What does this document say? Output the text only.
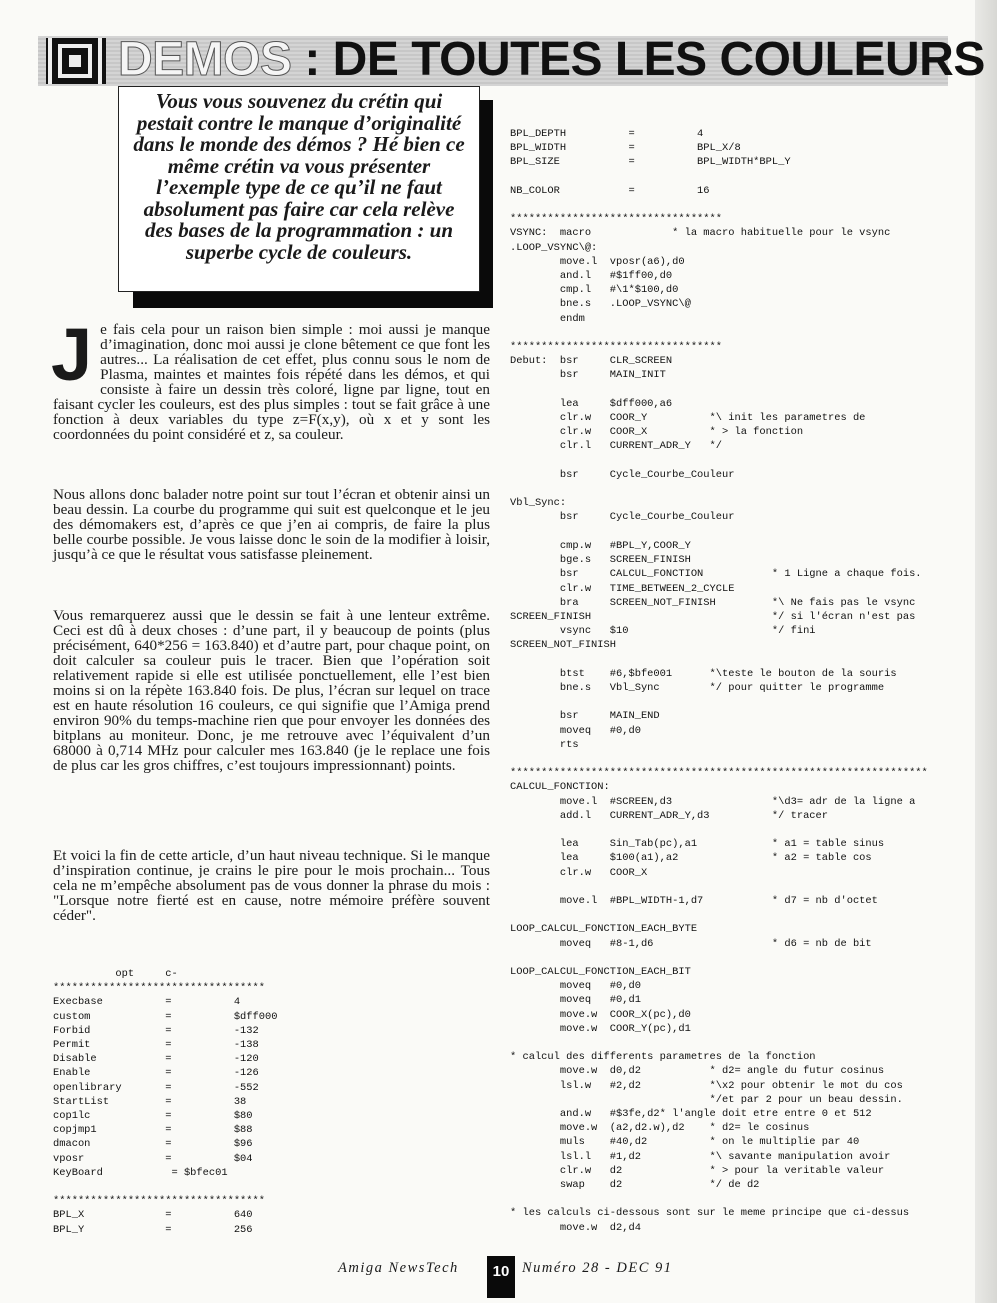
DEMOS : DE TOUTES LES COULEURS
Vous vous souvenez du crétin qui pestait contre le manque d’originalité dans le monde des démos ? Hé bien ce même crétin va vous présenter l’exemple type de ce qu’il ne faut absolument pas faire car cela relève des bases de la programmation : un superbe cycle de couleurs.
Je fais cela pour un raison bien simple : moi aussi je manque d’imagination, donc moi aussi je clone bêtement ce que font les autres... La réalisation de cet effet, plus connu sous le nom de Plasma, maintes et maintes fois répété dans les démos, et qui consiste à faire un dessin très coloré, ligne par ligne, tout en faisant cycler les couleurs, est des plus simples : tout se fait grâce à une fonction à deux variables du type z=F(x,y), où x et y sont les coordonnées du point considéré et z, sa couleur.

Nous allons donc balader notre point sur tout l’écran et obtenir ainsi un beau dessin. La courbe du programme qui suit est quelconque et le jeu des démomakers est, d’après ce que j’en ai compris, de faire la plus belle courbe possible. Je vous laisse donc le soin de la modifier à loisir, jusqu’à ce que le résultat vous satisfasse pleinement.

Vous remarquerez aussi que le dessin se fait à une lenteur extrême. Ceci est dû à deux choses : d’une part, il y beaucoup de points (plus précisément, 640*256 = 163.840) et d’autre part, pour chaque point, on doit calculer sa couleur puis le tracer. Bien que l’opération soit relativement rapide si elle est utilisée ponctuellement, elle l’est bien moins si on la répète 163.840 fois. De plus, l’écran sur lequel on trace est en haute résolution 16 couleurs, ce qui signifie que l’Amiga prend environ 90% du temps-machine rien que pour envoyer les données des bitplans au moniteur. Donc, je me retrouve avec l’équivalent d’un 68000 à 0,714 MHz pour calculer mes 163.840 (je le replace une fois de plus car les gros chiffres, c’est toujours impressionnant) points.

Et voici la fin de cette article, d’un haut niveau technique. Si le manque d’inspiration continue, je crains le pire pour le mois prochain... Tous cela ne m’empêche absolument pas de vous donner la phrase du mois : "Lorsque notre fierté est en cause, notre mémoire préfère souvent céder".

opt     c-
**********************************
Execbase          =          4
custom            =          $dff000
Forbid            =          -132
Permit            =          -138
Disable           =          -120
Enable            =          -126
openlibrary       =          -552
StartList         =          38
cop1lc            =          $80
copjmp1           =          $88
dmacon            =          $96
vposr             =          $04
KeyBoard           = $bfec01

**********************************
BPL_X             =          640
BPL_Y             =          256
BPL_DEPTH          =          4
BPL_WIDTH          =          BPL_X/8
BPL_SIZE           =          BPL_WIDTH*BPL_Y

NB_COLOR           =          16

**********************************
VSYNC:  macro             * la macro habituelle pour le vsync
.LOOP_VSYNC\@:
move.l  vposr(a6),d0
and.l   #$1ff00,d0
cmp.l   #\1*$100,d0
bne.s   .LOOP_VSYNC\@
endm

**********************************
Debut:  bsr     CLR_SCREEN
bsr     MAIN_INIT

lea     $dff000,a6
clr.w   COOR_Y          *\ init les parametres de
clr.w   COOR_X          * > la fonction
clr.l   CURRENT_ADR_Y   */

bsr     Cycle_Courbe_Couleur

Vbl_Sync:
bsr     Cycle_Courbe_Couleur

cmp.w   #BPL_Y,COOR_Y
bge.s   SCREEN_FINISH
bsr     CALCUL_FONCTION           * 1 Ligne a chaque fois.
clr.w   TIME_BETWEEN_2_CYCLE
bra     SCREEN_NOT_FINISH         *\ Ne fais pas le vsync
SCREEN_FINISH                             */ si l'écran n'est pas
vsync   $10                       */ fini
SCREEN_NOT_FINISH

btst    #6,$bfe001      *\teste le bouton de la souris
bne.s   Vbl_Sync        */ pour quitter le programme

bsr     MAIN_END
moveq   #0,d0
rts

*******************************************************************
CALCUL_FONCTION:
move.l  #SCREEN,d3                *\d3= adr de la ligne a
add.l   CURRENT_ADR_Y,d3          */ tracer

lea     Sin_Tab(pc),a1            * a1 = table sinus
lea     $100(a1),a2               * a2 = table cos
clr.w   COOR_X

move.l  #BPL_WIDTH-1,d7           * d7 = nb d'octet

LOOP_CALCUL_FONCTION_EACH_BYTE
moveq   #8-1,d6                   * d6 = nb de bit

LOOP_CALCUL_FONCTION_EACH_BIT
moveq   #0,d0
moveq   #0,d1
move.w  COOR_X(pc),d0
move.w  COOR_Y(pc),d1

* calcul des differents parametres de la fonction
move.w  d0,d2           * d2= angle du futur cosinus
lsl.w   #2,d2           *\x2 pour obtenir le mot du cos
*/et par 2 pour un beau dessin.
and.w   #$3fe,d2* l'angle doit etre entre 0 et 512
move.w  (a2,d2.w),d2    * d2= le cosinus
muls    #40,d2          * on le multiplie par 40
lsl.l   #1,d2           *\ savante manipulation avoir
clr.w   d2              * > pour la veritable valeur
swap    d2              */ de d2

* les calculs ci-dessous sont sur le meme principe que ci-dessus
move.w  d2,d4
Amiga NewsTech	10 Numéro 28 - DEC 91
